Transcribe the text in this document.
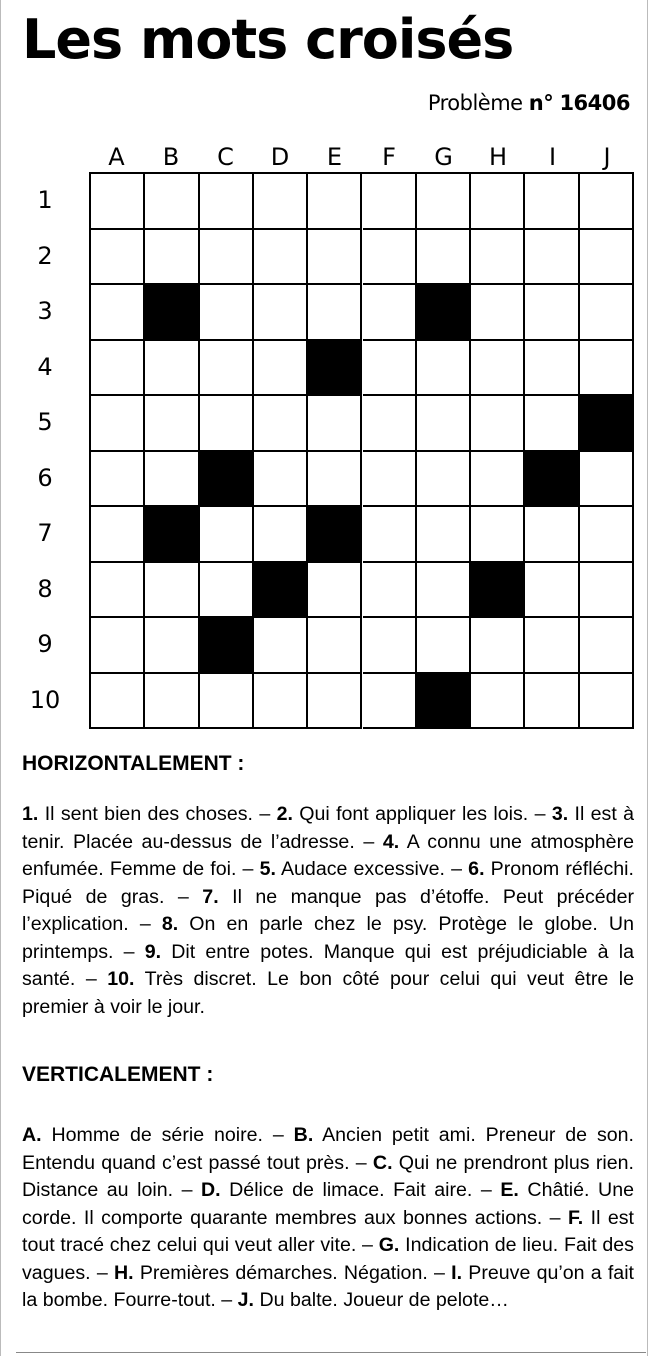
Les mots croisés
Problème n° 16406
A	B	C	D	E	F	G	H	I	J
1
2
3
4
5
6
7
8
9
10
HORIZONTALEMENT :
1. Il sent bien des choses. – 2. Qui font appliquer les lois. – 3. Il est à tenir. Placée au-dessus de l’adresse. – 4. A connu une atmosphère enfumée. Femme de foi. – 5. Audace excessive. – 6. Pronom réfléchi. Piqué de gras. – 7. Il ne manque pas d’étoffe. Peut précéder l’explication. – 8. On en parle chez le psy. Protège le globe. Un printemps. – 9. Dit entre potes. Manque qui est préjudiciable à la santé. – 10. Très discret. Le bon côté pour celui qui veut être le premier à voir le jour.
VERTICALEMENT :
A. Homme de série noire. – B. Ancien petit ami. Preneur de son. Entendu quand c’est passé tout près. – C. Qui ne prendront plus rien. Distance au loin. – D. Délice de limace. Fait aire. – E. Châtié. Une corde. Il comporte quarante membres aux bonnes actions. – F. Il est tout tracé chez celui qui veut aller vite. – G. Indication de lieu. Fait des vagues. – H. Premières démarches. Négation. – I. Preuve qu’on a fait la bombe. Fourre-tout. – J. Du balte. Joueur de pelote…
